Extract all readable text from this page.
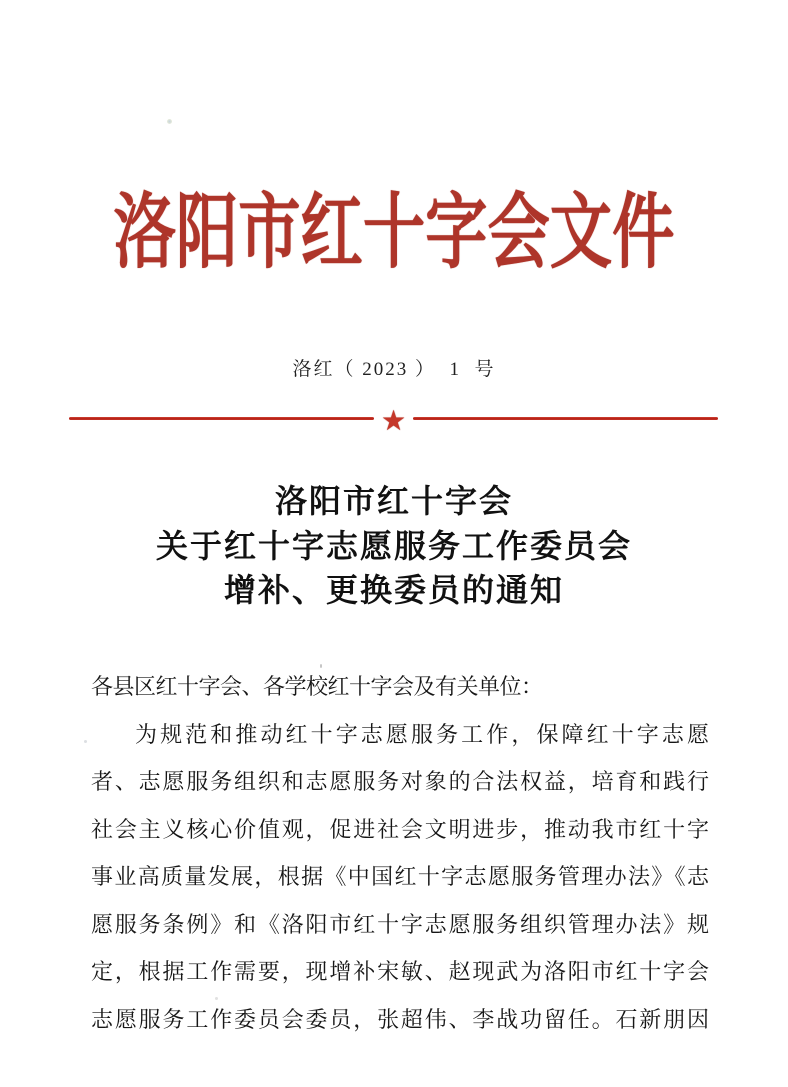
洛阳市红十字会文件
洛红（ 2023 ）  1  号
★
洛阳市红十字会
关于红十字志愿服务工作委员会
增补、更换委员的通知
各县区红十字会、各学校红十字会及有关单位：
为规范和推动红十字志愿服务工作，保障红十字志愿
者、志愿服务组织和志愿服务对象的合法权益，培育和践行
社会主义核心价值观，促进社会文明进步，推动我市红十字
事业高质量发展，根据《中国红十字志愿服务管理办法》《志
愿服务条例》和《洛阳市红十字志愿服务组织管理办法》规
定，根据工作需要，现增补宋敏、赵现武为洛阳市红十字会
志愿服务工作委员会委员，张超伟、李战功留任。石新朋因
